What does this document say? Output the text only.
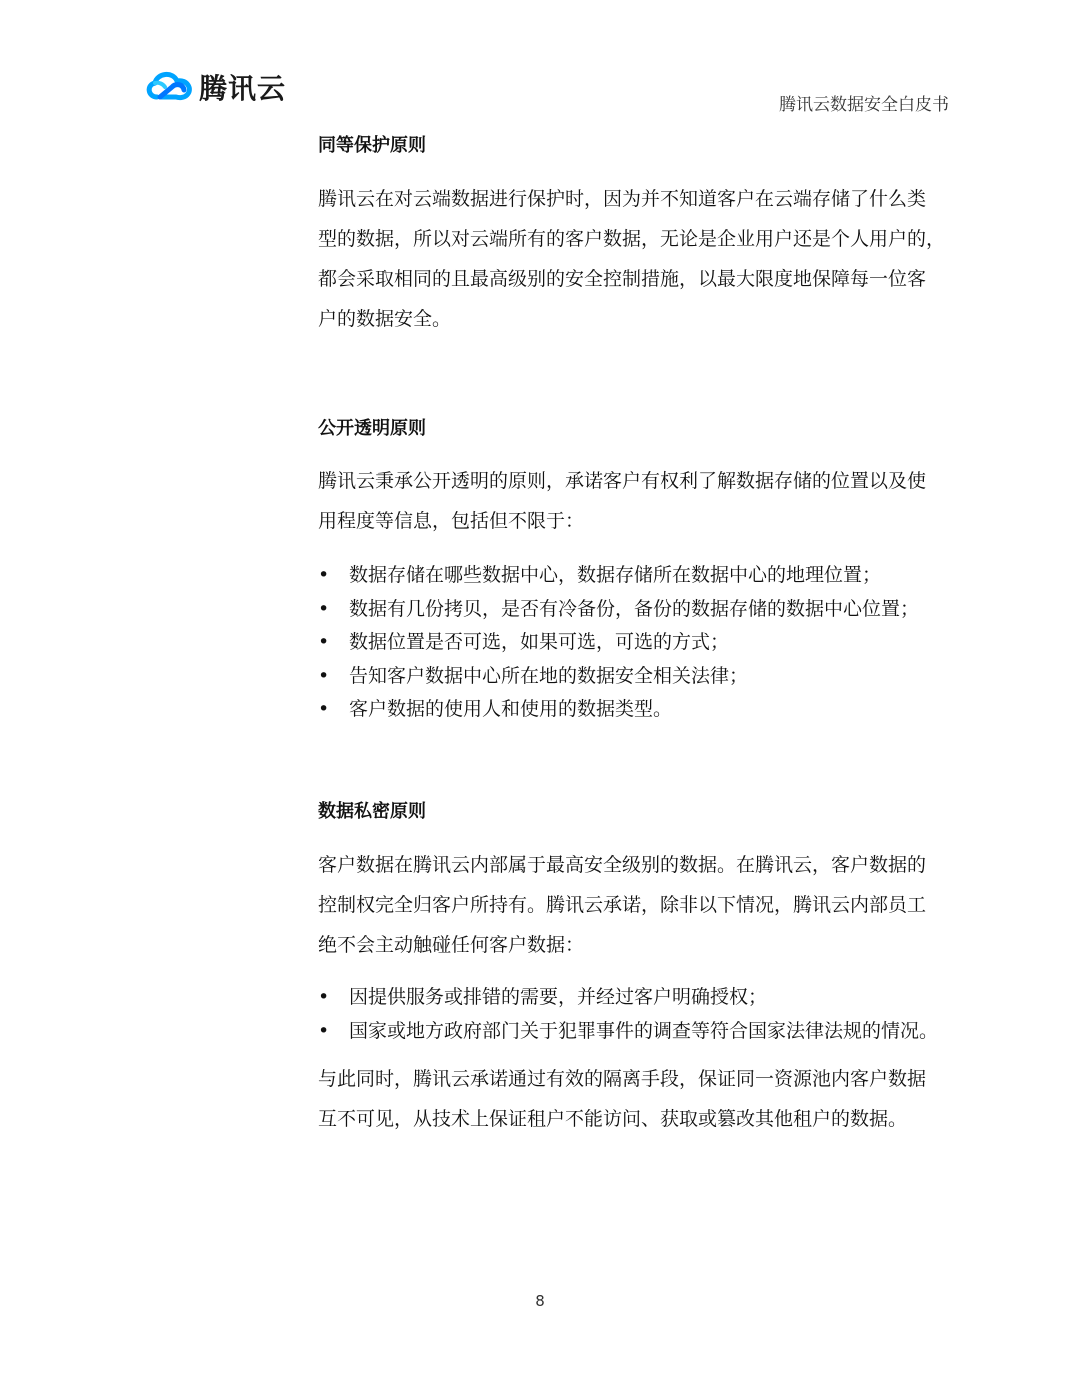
腾讯云	腾讯云数据安全白皮书
同等保护原则
腾讯云在对云端数据进行保护时，因为并不知道客户在云端存储了什么类
型的数据，所以对云端所有的客户数据，无论是企业用户还是个人用户的，
都会采取相同的且最高级别的安全控制措施，以最大限度地保障每一位客
户的数据安全。
公开透明原则
腾讯云秉承公开透明的原则，承诺客户有权利了解数据存储的位置以及使
用程度等信息，包括但不限于：
• 数据存储在哪些数据中心，数据存储所在数据中心的地理位置；
• 数据有几份拷贝，是否有冷备份，备份的数据存储的数据中心位置；
• 数据位置是否可选，如果可选，可选的方式；
• 告知客户数据中心所在地的数据安全相关法律；
• 客户数据的使用人和使用的数据类型。
数据私密原则
客户数据在腾讯云内部属于最高安全级别的数据。在腾讯云，客户数据的
控制权完全归客户所持有。腾讯云承诺，除非以下情况，腾讯云内部员工
绝不会主动触碰任何客户数据：
• 因提供服务或排错的需要，并经过客户明确授权；
• 国家或地方政府部门关于犯罪事件的调查等符合国家法律法规的情况。
与此同时，腾讯云承诺通过有效的隔离手段，保证同一资源池内客户数据
互不可见，从技术上保证租户不能访问、获取或篡改其他租户的数据。
8
